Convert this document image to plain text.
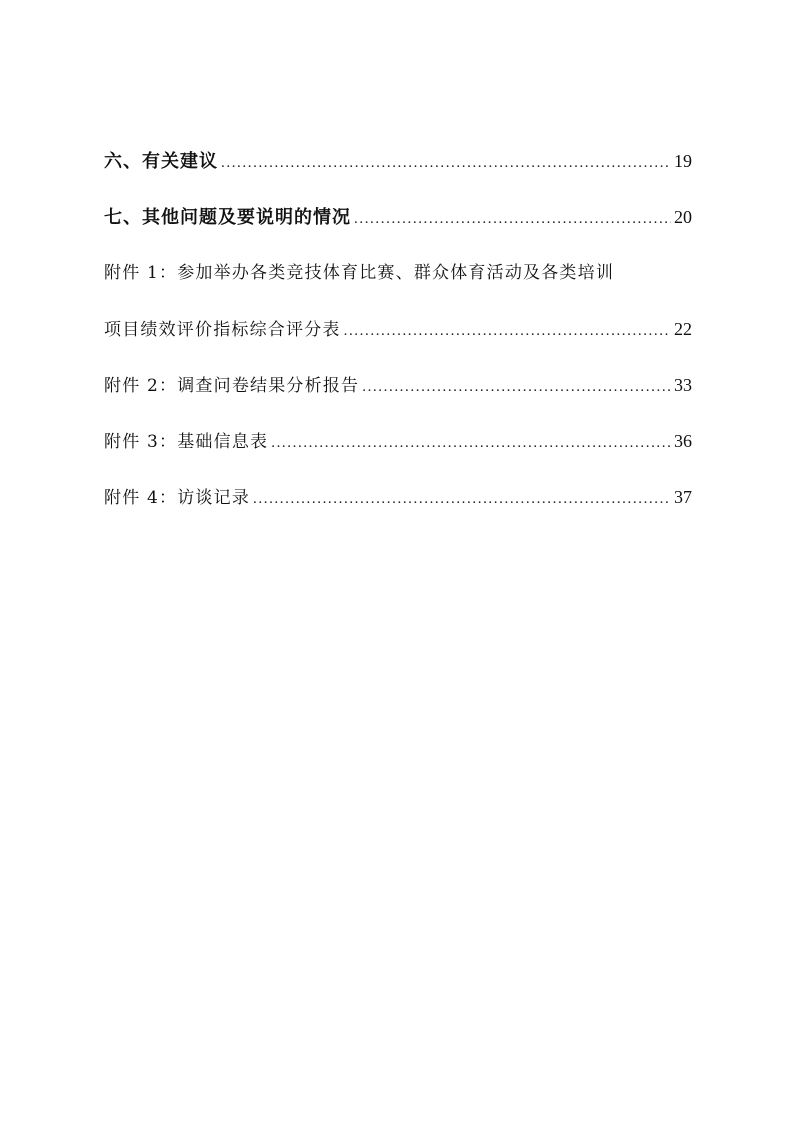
六、有关建议 .....	19
七、其他问题及要说明的情况 .....	20
附件 1：参加举办各类竞技体育比赛、群众体育活动及各类培训
项目绩效评价指标综合评分表 .....	22
附件 2：调查问卷结果分析报告 .....	33
附件 3：基础信息表 .....	36
附件 4：访谈记录 .....	37
